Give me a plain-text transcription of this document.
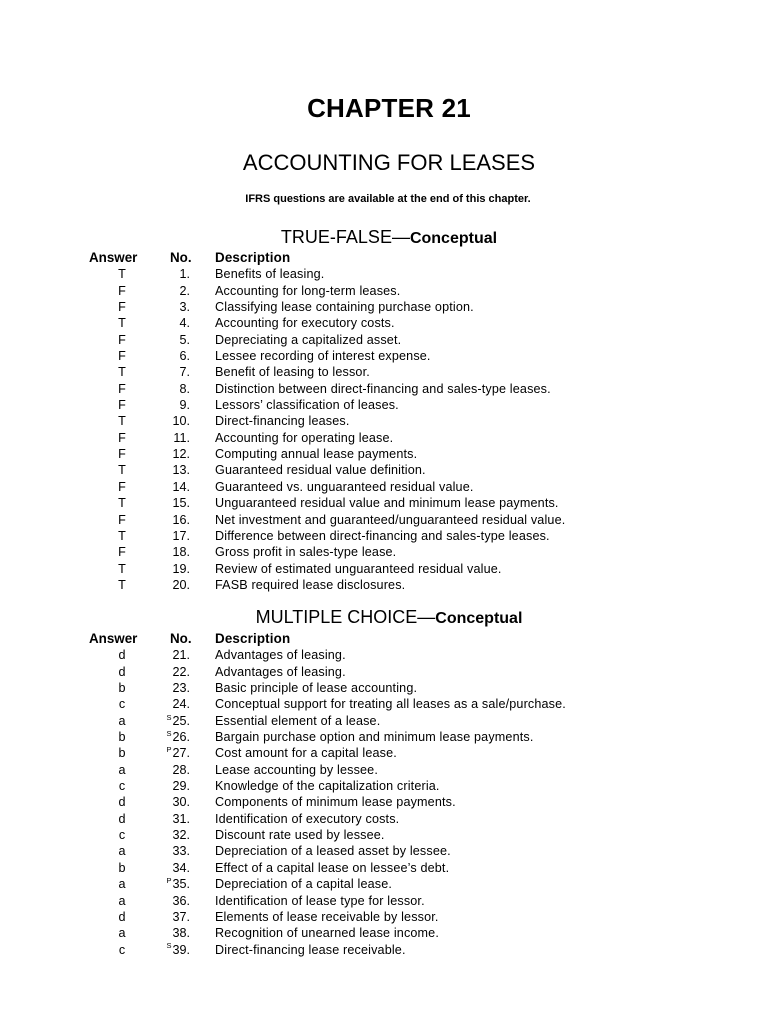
CHAPTER 21
ACCOUNTING FOR LEASES
IFRS questions are available at the end of this chapter.
TRUE-FALSE—Conceptual
Answer No. Description
T	1. Benefits of leasing.
F	2. Accounting for long-term leases.
F	3. Classifying lease containing purchase option.
T	4. Accounting for executory costs.
F	5. Depreciating a capitalized asset.
F	6. Lessee recording of interest expense.
T	7. Benefit of leasing to lessor.
F	8. Distinction between direct-financing and sales-type leases.
F	9. Lessors’ classification of leases.
T	10. Direct-financing leases.
F	11. Accounting for operating lease.
F	12. Computing annual lease payments.
T	13. Guaranteed residual value definition.
F	14. Guaranteed vs. unguaranteed residual value.
T	15. Unguaranteed residual value and minimum lease payments.
F	16. Net investment and guaranteed/unguaranteed residual value.
T	17. Difference between direct-financing and sales-type leases.
F	18. Gross profit in sales-type lease.
T	19. Review of estimated unguaranteed residual value.
T	20. FASB required lease disclosures.
MULTIPLE CHOICE—Conceptual
Answer No. Description
d	21. Advantages of leasing.
d	22. Advantages of leasing.
b	23. Basic principle of lease accounting.
c	24. Conceptual support for treating all leases as a sale/purchase.
a	$^S$25. Essential element of a lease.
b	$^S$26. Bargain purchase option and minimum lease payments.
b	$^P$27. Cost amount for a capital lease.
a	28. Lease accounting by lessee.
c	29. Knowledge of the capitalization criteria.
d	30. Components of minimum lease payments.
d	31. Identification of executory costs.
c	32. Discount rate used by lessee.
a	33. Depreciation of a leased asset by lessee.
b	34. Effect of a capital lease on lessee’s debt.
a	$^P$35. Depreciation of a capital lease.
a	36. Identification of lease type for lessor.
d	37. Elements of lease receivable by lessor.
a	38. Recognition of unearned lease income.
c	$^S$39. Direct-financing lease receivable.
